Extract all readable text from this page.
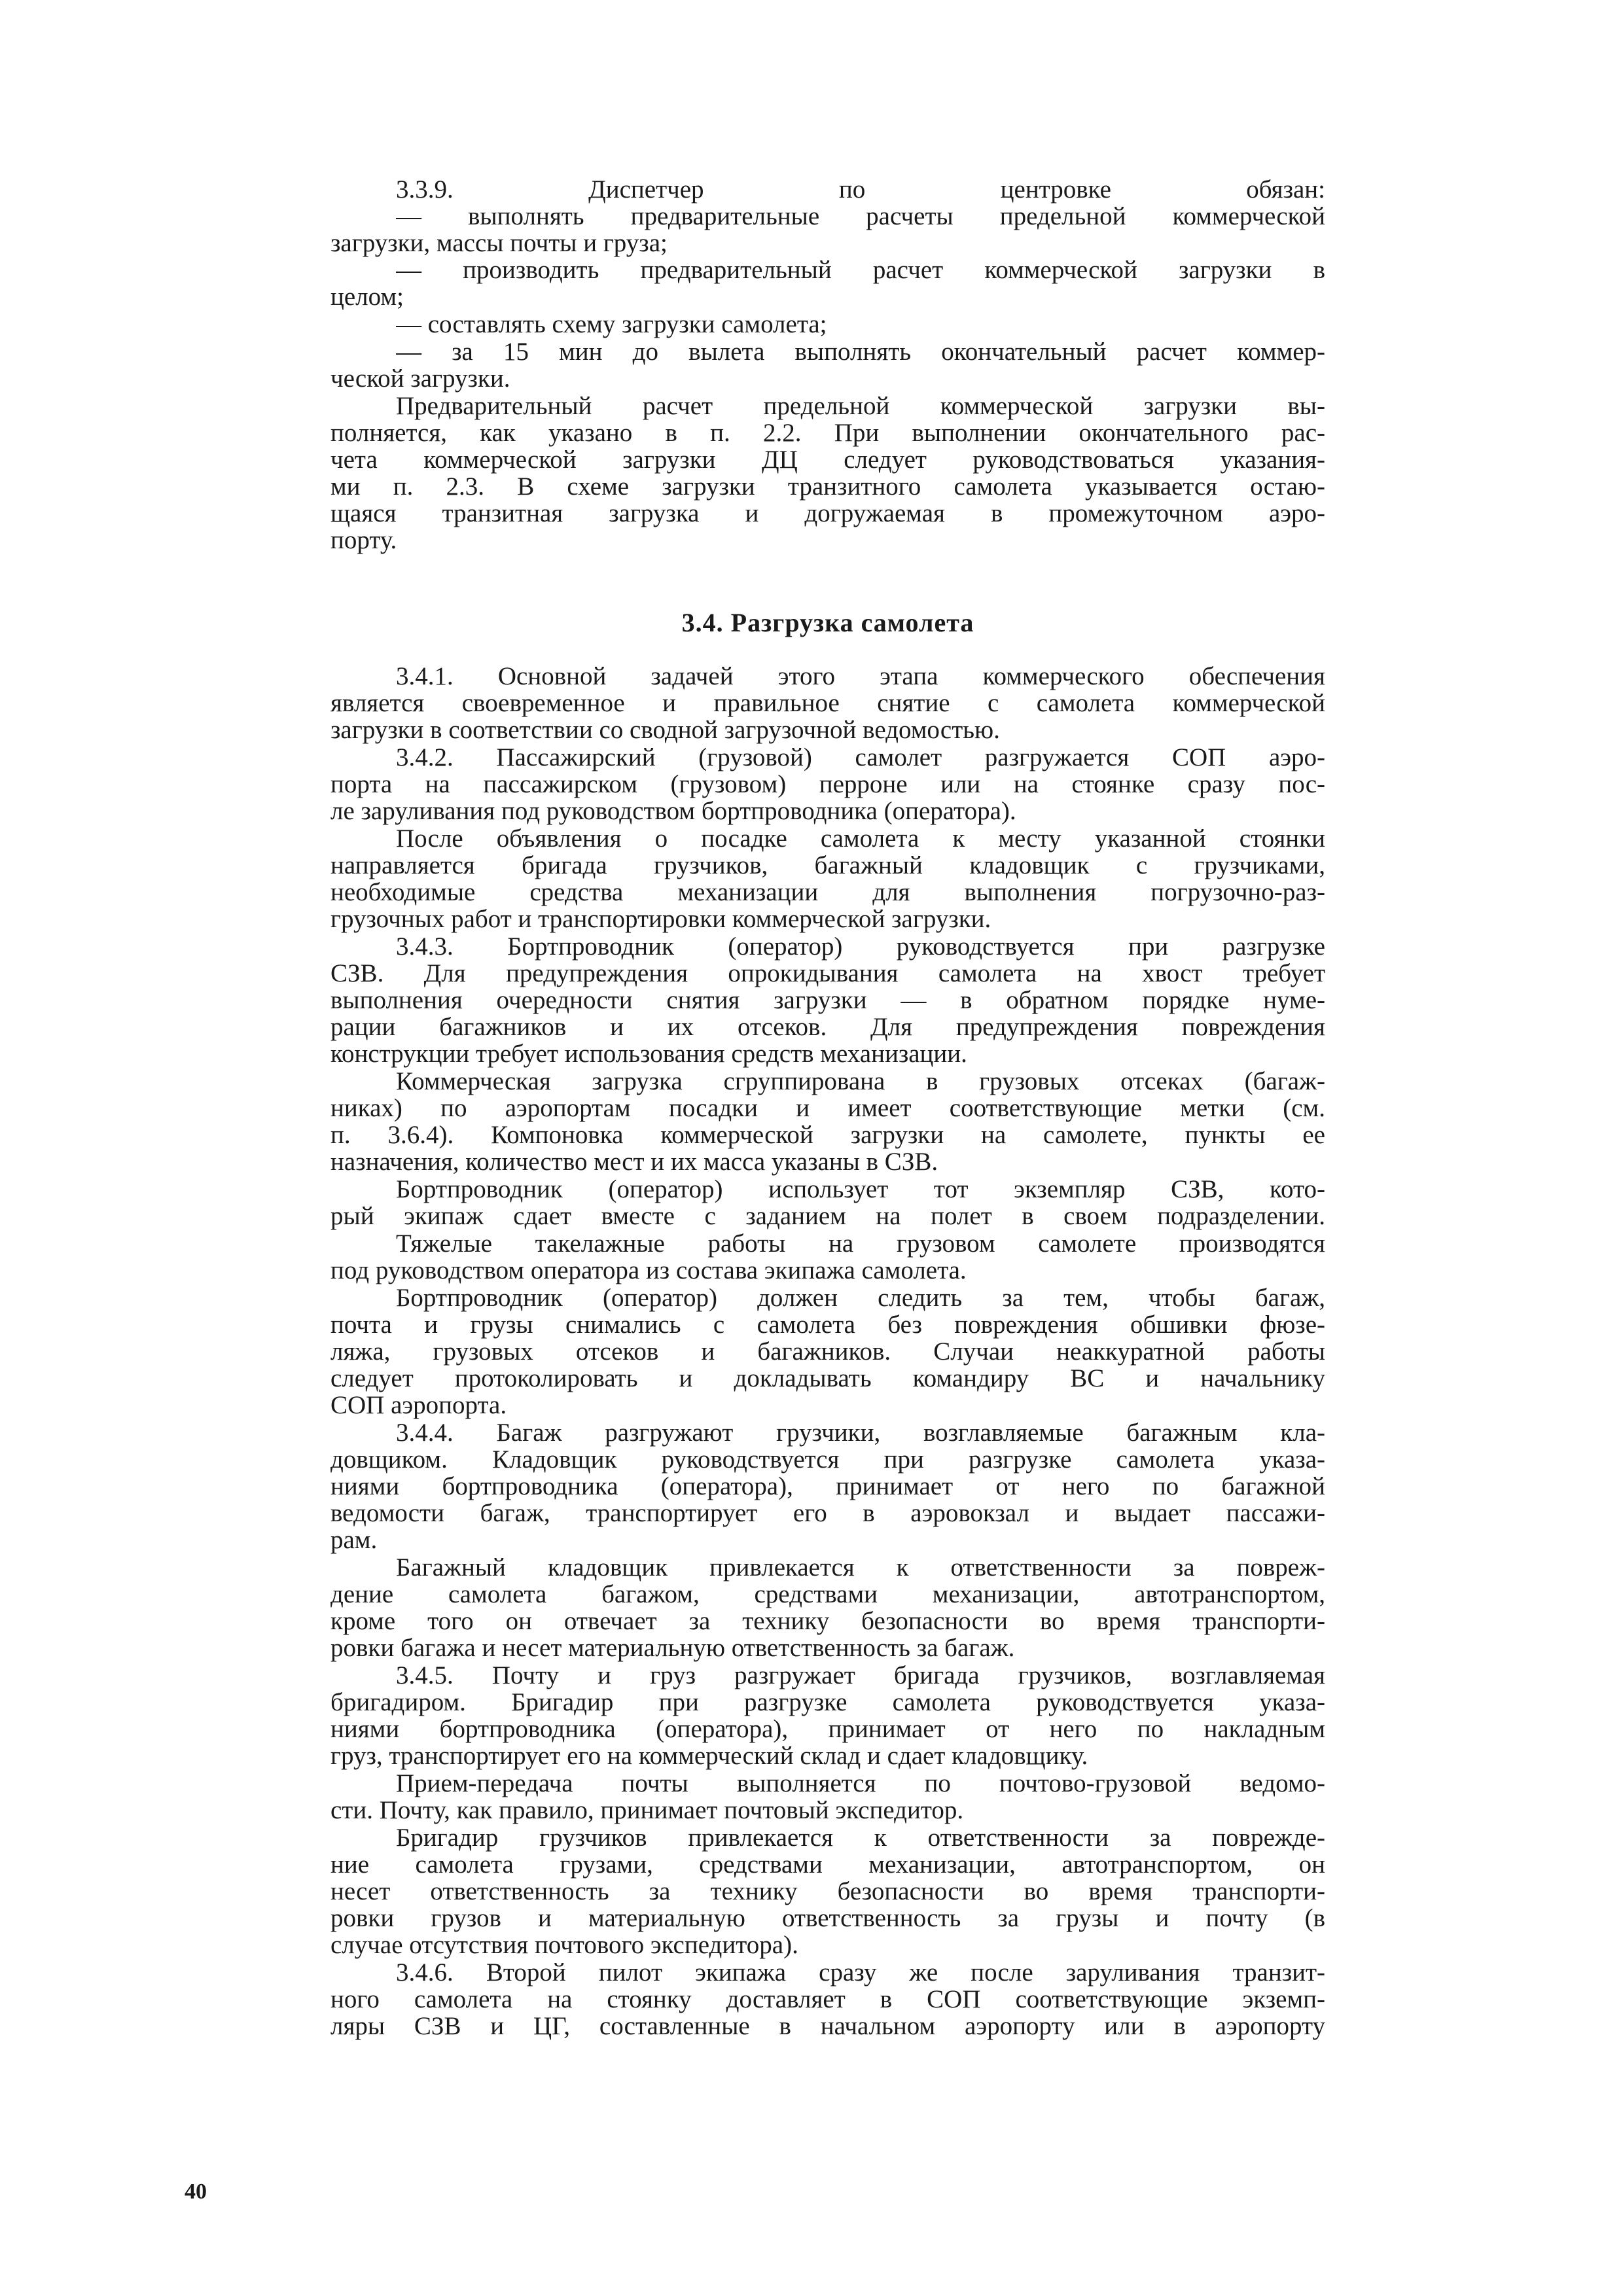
3.3.9. Диспетчер по центровке обязан:
— выполнять предварительные расчеты предельной коммерческой
загрузки, массы почты и груза;
— производить предварительный расчет коммерческой загрузки в
целом;
— составлять схему загрузки самолета;
— за 15 мин до вылета выполнять окончательный расчет коммер-
ческой загрузки.
Предварительный расчет предельной коммерческой загрузки вы-
полняется, как указано в п. 2.2. При выполнении окончательного рас-
чета коммерческой загрузки ДЦ следует руководствоваться указания-
ми п. 2.3. В схеме загрузки транзитного самолета указывается остаю-
щаяся транзитная загрузка и догружаемая в промежуточном аэро-
порту.
3.4. Разгрузка самолета
3.4.1. Основной задачей этого этапа коммерческого обеспечения
является своевременное и правильное снятие с самолета коммерческой
загрузки в соответствии со сводной загрузочной ведомостью.
3.4.2. Пассажирский (грузовой) самолет разгружается СОП аэро-
порта на пассажирском (грузовом) перроне или на стоянке сразу пос-
ле заруливания под руководством бортпроводника (оператора).
После объявления о посадке самолета к месту указанной стоянки
направляется бригада грузчиков, багажный кладовщик с грузчиками,
необходимые средства механизации для выполнения погрузочно-раз-
грузочных работ и транспортировки коммерческой загрузки.
3.4.3. Бортпроводник (оператор) руководствуется при разгрузке
СЗВ. Для предупреждения опрокидывания самолета на хвост требует
выполнения очередности снятия загрузки — в обратном порядке нуме-
рации багажников и их отсеков. Для предупреждения повреждения
конструкции требует использования средств механизации.
Коммерческая загрузка сгруппирована в грузовых отсеках (багаж-
никах) по аэропортам посадки и имеет соответствующие метки (см.
п. 3.6.4). Компоновка коммерческой загрузки на самолете, пункты ее
назначения, количество мест и их масса указаны в СЗВ.
Бортпроводник (оператор) использует тот экземпляр СЗВ, кото-
рый экипаж сдает вместе с заданием на полет в своем подразделении.
Тяжелые такелажные работы на грузовом самолете производятся
под руководством оператора из состава экипажа самолета.
Бортпроводник (оператор) должен следить за тем, чтобы багаж,
почта и грузы снимались с самолета без повреждения обшивки фюзе-
ляжа, грузовых отсеков и багажников. Случаи неаккуратной работы
следует протоколировать и докладывать командиру ВС и начальнику
СОП аэропорта.
3.4.4. Багаж разгружают грузчики, возглавляемые багажным кла-
довщиком. Кладовщик руководствуется при разгрузке самолета указа-
ниями бортпроводника (оператора), принимает от него по багажной
ведомости багаж, транспортирует его в аэровокзал и выдает пассажи-
рам.
Багажный кладовщик привлекается к ответственности за повреж-
дение самолета багажом, средствами механизации, автотранспортом,
кроме того он отвечает за технику безопасности во время транспорти-
ровки багажа и несет материальную ответственность за багаж.
3.4.5. Почту и груз разгружает бригада грузчиков, возглавляемая
бригадиром. Бригадир при разгрузке самолета руководствуется указа-
ниями бортпроводника (оператора), принимает от него по накладным
груз, транспортирует его на коммерческий склад и сдает кладовщику.
Прием-передача почты выполняется по почтово-грузовой ведомо-
сти. Почту, как правило, принимает почтовый экспедитор.
Бригадир грузчиков привлекается к ответственности за поврежде-
ние самолета грузами, средствами механизации, автотранспортом, он
несет ответственность за технику безопасности во время транспорти-
ровки грузов и материальную ответственность за грузы и почту (в
случае отсутствия почтового экспедитора).
3.4.6. Второй пилот экипажа сразу же после заруливания транзит-
ного самолета на стоянку доставляет в СОП соответствующие экземп-
ляры СЗВ и ЦГ, составленные в начальном аэропорту или в аэропорту
40
